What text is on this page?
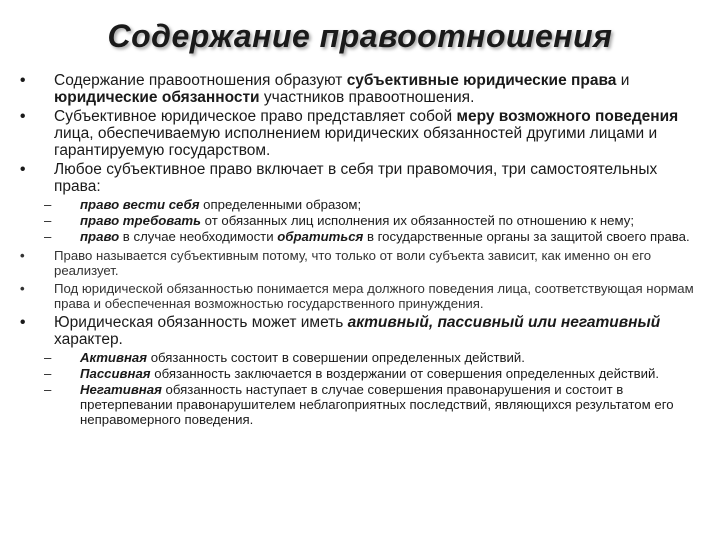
Содержание правоотношения
• Содержание правоотношения образуют субъективные юридические права и юридические обязанности участников правоотношения.
• Субъективное юридическое право представляет собой меру возможного поведения лица, обеспечиваемую исполнением юридических обязанностей другими лицами и гарантируемую государством.
• Любое субъективное право включает в себя три правомочия, три самостоятельных права:
– право вести себя определенными образом;
– право требовать от обязанных лиц исполнения их обязанностей по отношению к нему;
– право в случае необходимости обратиться в государственные органы за защитой своего права.
• Право называется субъективным потому, что только от воли субъекта зависит, как именно он его реализует.
• Под юридической обязанностью понимается мера должного поведения лица, соответствующая нормам права и обеспеченная возможностью государственного принуждения.
• Юридическая обязанность может иметь активный, пассивный или негативный характер.
– Активная обязанность состоит в совершении определенных действий.
– Пассивная обязанность заключается в воздержании от совершения определенных действий.
– Негативная обязанность наступает в случае совершения правонарушения и состоит в претерпевании правонарушителем неблагоприятных последствий, являющихся результатом его неправомерного поведения.
